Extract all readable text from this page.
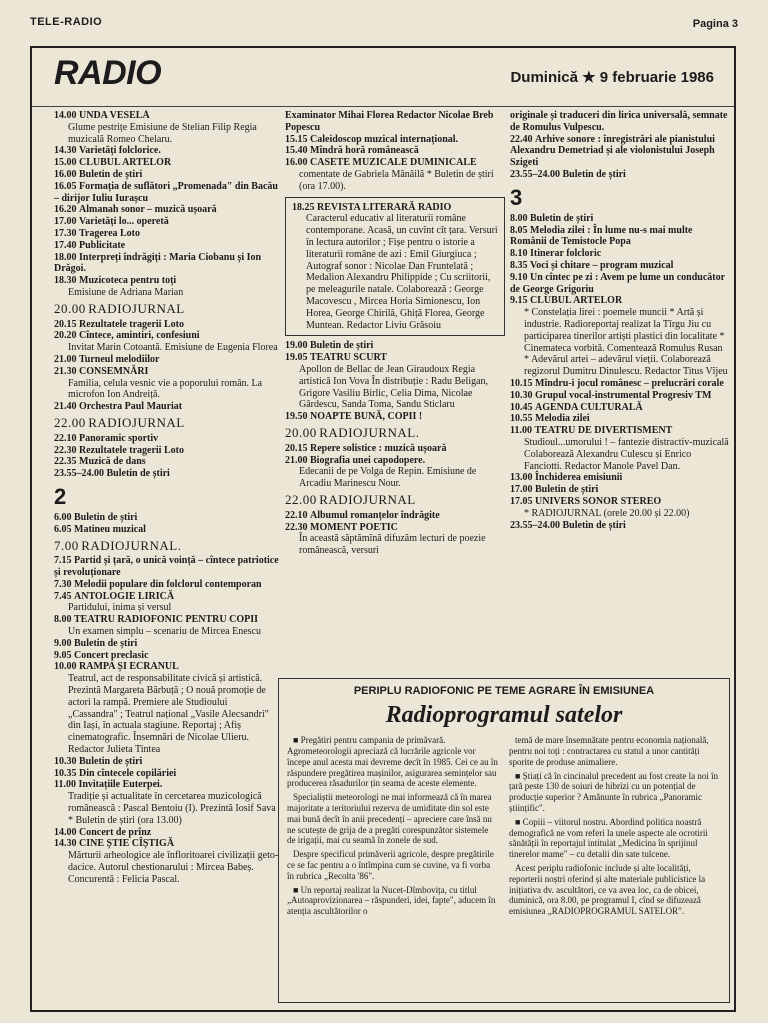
TELE-RADIO	Pagina 3
RADIO	Duminică ★ 9 februarie 1986
14.00 UNDA VESELĂ
Glume pestrițe Emisiune de Stelian Filip Regia muzicală Romeo Chelaru.
14.30 Varietăți folclorice.
15.00 CLUBUL ARTELOR
16.00 Buletin de știri
16.05 Formația de suflători „Promenada" din Bacău – dirijor Iuliu Iurașcu
16.20 Almanah sonor – muzică ușoară
17.00 Varietăți lo... operetă
17.30 Tragerea Loto
17.40 Publicitate
18.00 Interpreți îndrăgiți : Maria Ciobanu și Ion Drăgoi.
18.30 Muzicoteca pentru toți
Emisiune de Adriana Marian
20.00 RADIOJURNAL
20.15 Rezultatele tragerii Loto
20.20 Cîntece, amintiri, confesiuni
Invitat Marin Cotoantă. Emisiune de Eugenia Florea
21.00 Turneul melodiilor
21.30 CONSEMNĂRI
Familia, celula vesnic vie a poporului român. La microfon Ion Andreiță.
21.40 Orchestra Paul Mauriat
22.00 RADIOJURNAL
22.10 Panoramic sportiv
22.30 Rezultatele tragerii Loto
22.35 Muzică de dans
23.55–24.00 Buletin de știri
2
6.00 Buletin de știri
6.05 Matineu muzical
7.00 RADIOJURNAL.
7.15 Partid și țară, o unică voință – cîntece patriotice și revoluționare
7.30 Melodii populare din folclorul contemporan
7.45 ANTOLOGIE LIRICĂ
Partidului, inima și versul
8.00 TEATRU RADIOFONIC PENTRU COPII
Un examen simplu – scenariu de Mircea Enescu
9.00 Buletin de știri
9.05 Concert preclasic
10.00 RAMPA ȘI ECRANUL
Teatrul, act de responsabilitate civică și artistică. Prezintă Margareta Bărbuță ; O nouă promoție de actori la rampă. Premiere ale Studioului „Cassandra" ; Teatrul național „Vasile Alecsandri" din Iași, în actuala stagiune. Reportaj ; Afiș cinematografic. Însemnări de Nicolae Ulieru. Redactor Julieta Tintea
10.30 Buletin de știri
10.35 Din cîntecele copilăriei
11.00 Invitațiile Euterpei.
Tradiție și actualitate în cercetarea muzicologică românească : Pascal Bentoiu (I). Prezintă Iosif Sava * Buletin de știri (ora 13.00)
14.00 Concert de prînz
14.30 CINE ȘTIE CÎȘTIGĂ
Mărturii arheologice ale înfloritoarei civilizații geto-dacice. Autorul chestionarului : Mircea Babeș. Concurentă : Felicia Pascal.
Examinator Mihai Florea Redactor Nicolae Breb Popescu
15.15 Caleidoscop muzical internațional.
15.40 Mîndră horă românească
16.00 CASETE MUZICALE DUMINICALE
comentate de Gabriela Mănăilă * Buletin de știri (ora 17.00).
18.25 REVISTA LITERARĂ RADIO
Caracterul educativ al literaturii române contemporane. Acasă, un cuvînt cît țara. Versuri în lectura autorilor ; Fișe pentru o istorie a literaturii române de azi : Emil Giurgiuca ; Autograf sonor : Nicolae Dan Fruntelată ; Medalion Alexandru Philippide ; Cu scriitorii, pe meleagurile natale. Colaborează : George Macovescu , Mircea Horia Simionescu, Ion Horea, George Chirilă, Ghiță Florea, George Muntean. Redactor Liviu Grăsoiu
19.00 Buletin de știri
19.05 TEATRU SCURT
Apollon de Bellac de Jean Giraudoux Regia artistică Ion Vova În distribuție : Radu Beligan, Grigore Vasiliu Birlic, Celia Dima, Nicolae Gârdescu, Sanda Toma, Sandu Sticlaru
19.50 NOAPTE BUNĂ, COPII !
20.00 RADIOJURNAL.
20.15 Repere solistice : muzică ușoară
21.00 Biografia unei capodopere.
Edecanii de pe Volga de Repin. Emisiune de Arcadiu Marinescu Nour.
22.00 RADIOJURNAL
22.10 Albumul romanțelor îndrăgite
22.30 MOMENT POETIC
În această săptămînă difuzăm lecturi de poezie românească, versuri
originale și traduceri din lirica universală, semnate de Romulus Vulpescu.
22.40 Arhive sonore : înregistrări ale pianistului Alexandru Demetriad și ale violonistului Joseph Szigeti
23.55–24.00 Buletin de știri
3
8.00 Buletin de știri
8.05 Melodia zilei : În lume nu-s mai multe Românii de Temistocle Popa
8.10 Itinerar folcloric
8.35 Voci și chitare – program muzical
9.10 Un cîntec pe zi : Avem pe lume un conducător de George Grigoriu
9.15 CLUBUL ARTELOR
* Constelația lirei : poemele muncii * Artă și industrie. Radioreportaj realizat la Tîrgu Jiu cu participarea tinerilor artiști plastici din localitate * Cinemateca vorbită. Comentează Romulus Rusan * Adevărul artei – adevărul vieții. Colaborează regizorul Dumitru Dinulescu. Redactor Titus Vîjeu
10.15 Mîndru-i jocul românesc – prelucrări corale
10.30 Grupul vocal-instrumental Progresiv TM
10.45 AGENDA CULTURALĂ
10.55 Melodia zilei
11.00 TEATRU DE DIVERTISMENT
Studioul...umorului ! – fantezie distractiv-muzicală Colaborează Alexandru Culescu și Enrico Fanciotti. Redactor Manole Pavel Dan.
13.00 Închiderea emisiunii
17.00 Buletin de știri
17.05 UNIVERS SONOR STEREO
* RADIOJURNAL (orele 20.00 și 22.00)
23.55–24.00 Buletin de știri
PERIPLU RADIOFONIC PE TEME AGRARE ÎN EMISIUNEA
Radioprogramul satelor

■ Pregătiri pentru campania de primăvară. Agrometeorologii apreciază că lucrările agricole vor începe anul acesta mai devreme decît în 1985. Cei ce au în răspundere pregătirea mașinilor, asigurarea semințelor sau producerea răsadurilor țin seama de aceste elemente.

Specialiștii meteorologi ne mai informează că în marea majoritate a teritoriului rezerva de umiditate din sol este mai bună decît în anii precedenți – apreciere care însă nu ne scutește de grija de a pregăti corespunzător sistemele de irigații, mai cu seamă în zonele de sud.

Despre specificul primăverii agricole, despre pregătirile ce se fac pentru a o întîmpina cum se cuvine, va fi vorba în rubrica „Recolta '86".

■ Un reportaj realizat la Nucet-Dîmbovița, cu titlul „Autoaprovizionarea – răspunderi, idei, fapte", aducem în atenția ascultătorilor o

temă de mare însemnătate pentru economia națională, pentru noi toți : contractarea cu statul a unor cantități sporite de produse animaliere.

■ Știați că în cincinalul precedent au fost create la noi în țară peste 130 de soiuri de hibrizi cu un potențial de producție superior ? Amănunte în rubrica „Panoramic științific".

■ Copiii – viitorul nostru. Abordind politica noastră demografică ne vom referi la unele aspecte ale ocrotirii sănătății în reportajul intitulat „Medicina în sprijinul tinerelor mame" – cu detalii din sate tulcene.

Acest periplu radiofonic include și alte localități, reporterii noștri oferind și alte materiale publicistice la inițiativa dv. ascultători, ce va avea loc, ca de obicei, duminică, ora 8.00, pe programul I, cînd se difuzează emisiunea „RADIOPROGRAMUL SATELOR".
